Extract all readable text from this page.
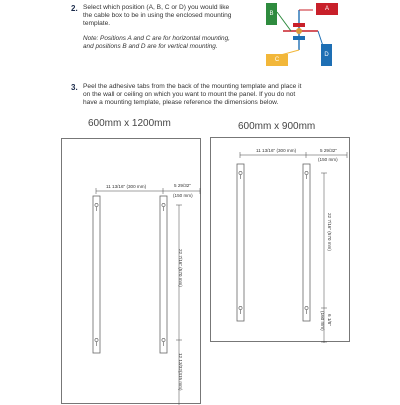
2. Select which position (A, B, C or D) you would like
the cable box to be in using the enclosed mounting
template.
Note: Positions A and C are for horizontal mounting,
and positions B and D are for vertical mounting.
A
B
C
D
3. Peel the adhesive tabs from the back of the mounting template and place it
on the wall or ceiling on which you want to mount the panel. If you do not
have a mounting template, please reference the dimensions below.
600mm x 1200mm
11 13/16" (300 mm)	5 29/32"
(150 mm)
22 7/16" (570 mm)
12 13/32(315 mm)
600mm x 900mm
11 13/16" (300 mm)	5 29/32"
(150 mm)
22 7/16" (570 mm)
6 1/8"
(160 mm)
